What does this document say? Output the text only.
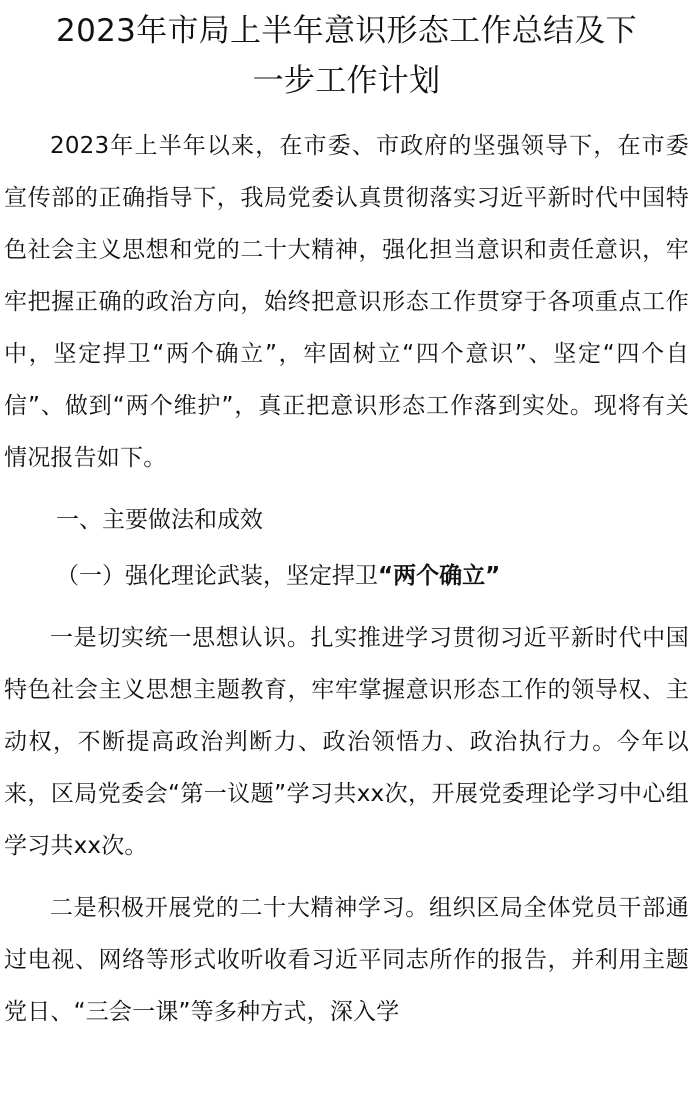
2023年市局上半年意识形态工作总结及下
一步工作计划

2023年上半年以来，在市委、市政府的坚强领导下，在市委宣传部的正确指导下，我局党委认真贯彻落实习近平新时代中国特色社会主义思想和党的二十大精神，强化担当意识和责任意识，牢牢把握正确的政治方向，始终把意识形态工作贯穿于各项重点工作中，坚定捍卫“两个确立”，牢固树立“四个意识”、坚定“四个自信”、做到“两个维护”，真正把意识形态工作落到实处。现将有关情况报告如下。

一、主要做法和成效

（一）强化理论武装，坚定捍卫“两个确立”

一是切实统一思想认识。扎实推进学习贯彻习近平新时代中国特色社会主义思想主题教育，牢牢掌握意识形态工作的领导权、主动权，不断提高政治判断力、政治领悟力、政治执行力。今年以来，区局党委会“第一议题”学习共xx次，开展党委理论学习中心组学习共xx次。

二是积极开展党的二十大精神学习。组织区局全体党员干部通过电视、网络等形式收听收看习近平同志所作的报告，并利用主题党日、“三会一课”等多种方式，深入学
